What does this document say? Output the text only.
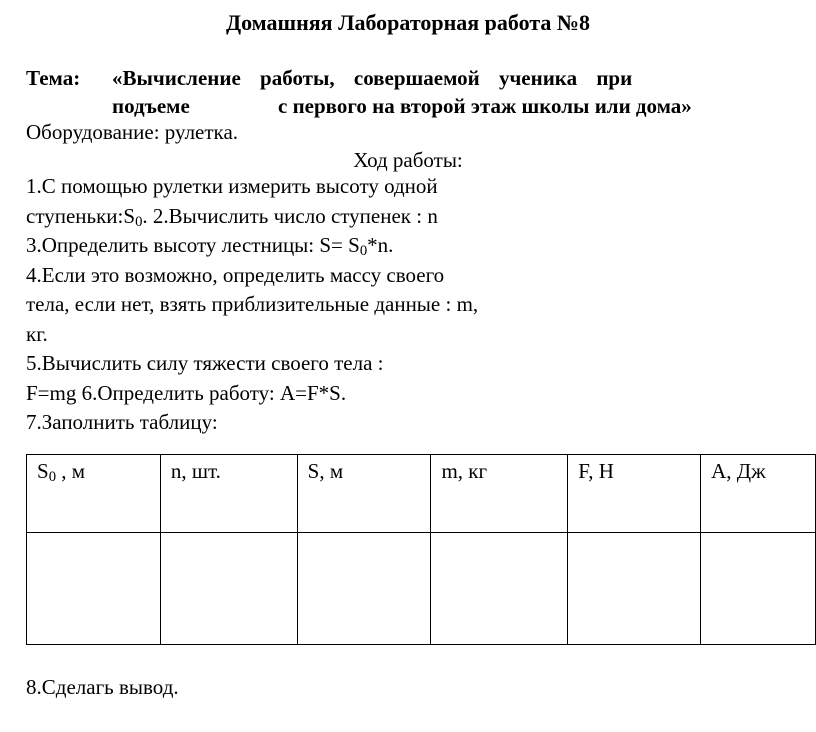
Домашняя Лабораторная работа №8
Тема: «Вычисление работы, совершаемой ученика при
подъеме	с первого на второй этаж школы или дома»
Оборудование: рулетка.
Ход работы:
1.С помощью рулетки измерить высоту одной
$ступеньки:S_0$. 2.Вычислить число ступенек : n
3.Определить высоту лестницы: $S= S_0*n$.
4.Если это возможно, определить массу своего
тела, если нет, взять приблизительные данные : m,
кг.
5.Вычислить силу тяжести своего тела :
F=mg 6.Определить работу: A=F*S.
7.Заполнить таблицу:
$S_0$ , м	n, шт.	S, м	m, кг	F, Н	А, Дж

8.Сделагь вывод.
